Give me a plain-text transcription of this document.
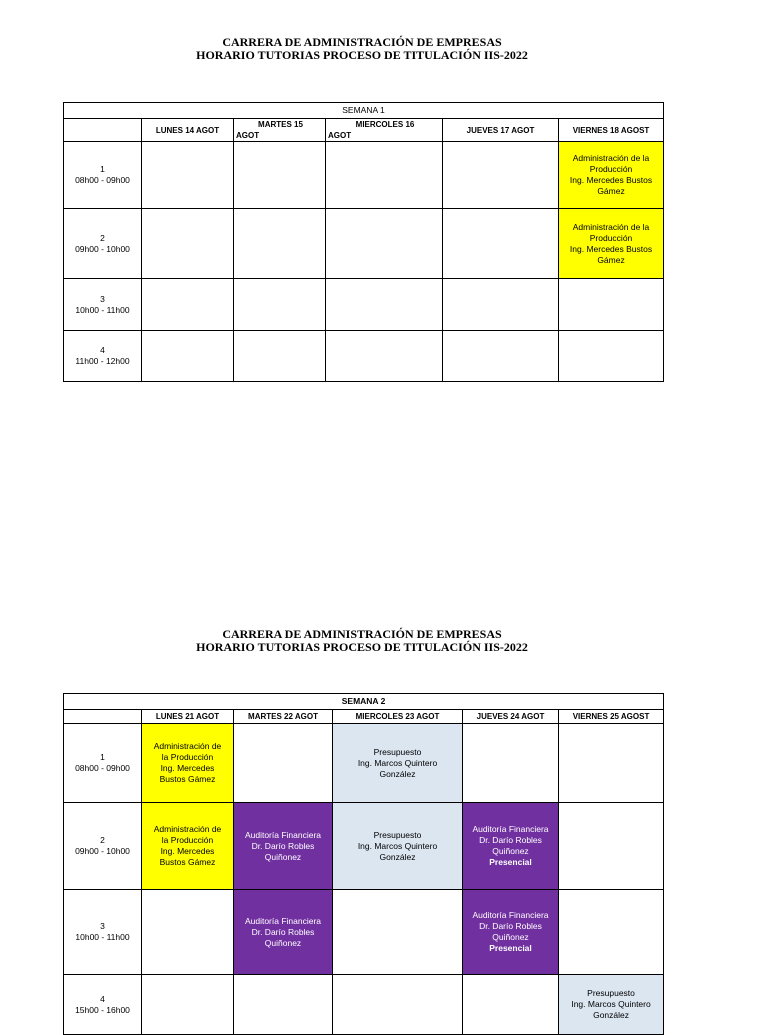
CARRERA DE ADMINISTRACIÓN DE EMPRESAS
HORARIO TUTORIAS PROCESO DE TITULACIÓN IIS-2022
SEMANA 1					
	LUNES 14 AGOT	MARTES 15
AGOT	MIERCOLES 16
AGOT	JUEVES 17 AGOT	VIERNES 18 AGOST

1
08h00 - 09h00					Administración de la
Producción
Ing. Mercedes Bustos
Gámez

2
09h00 - 10h00					Administración de la
Producción
Ing. Mercedes Bustos
Gámez

3
10h00 - 11h00					

4
11h00 - 12h00					

CARRERA DE ADMINISTRACIÓN DE EMPRESAS
HORARIO TUTORIAS PROCESO DE TITULACIÓN IIS-2022
SEMANA 2					
	LUNES 21 AGOT	MARTES 22 AGOT	MIERCOLES 23 AGOT	JUEVES 24 AGOT	VIERNES 25 AGOST

1
08h00 - 09h00	Administración de
la Producción
Ing. Mercedes
Bustos Gámez		Presupuesto
Ing. Marcos Quintero
González		

2
09h00 - 10h00	Administración de
la Producción
Ing. Mercedes
Bustos Gámez	Auditoría Financiera
Dr. Darío Robles
Quiñonez	Presupuesto
Ing. Marcos Quintero
González	Auditoría Financiera
Dr. Darío Robles
Quiñonez
Presencial	

3
10h00 - 11h00		Auditoría Financiera
Dr. Darío Robles
Quiñonez		Auditoría Financiera
Dr. Darío Robles
Quiñonez
Presencial	

4
15h00 - 16h00					Presupuesto
Ing. Marcos Quintero
González
